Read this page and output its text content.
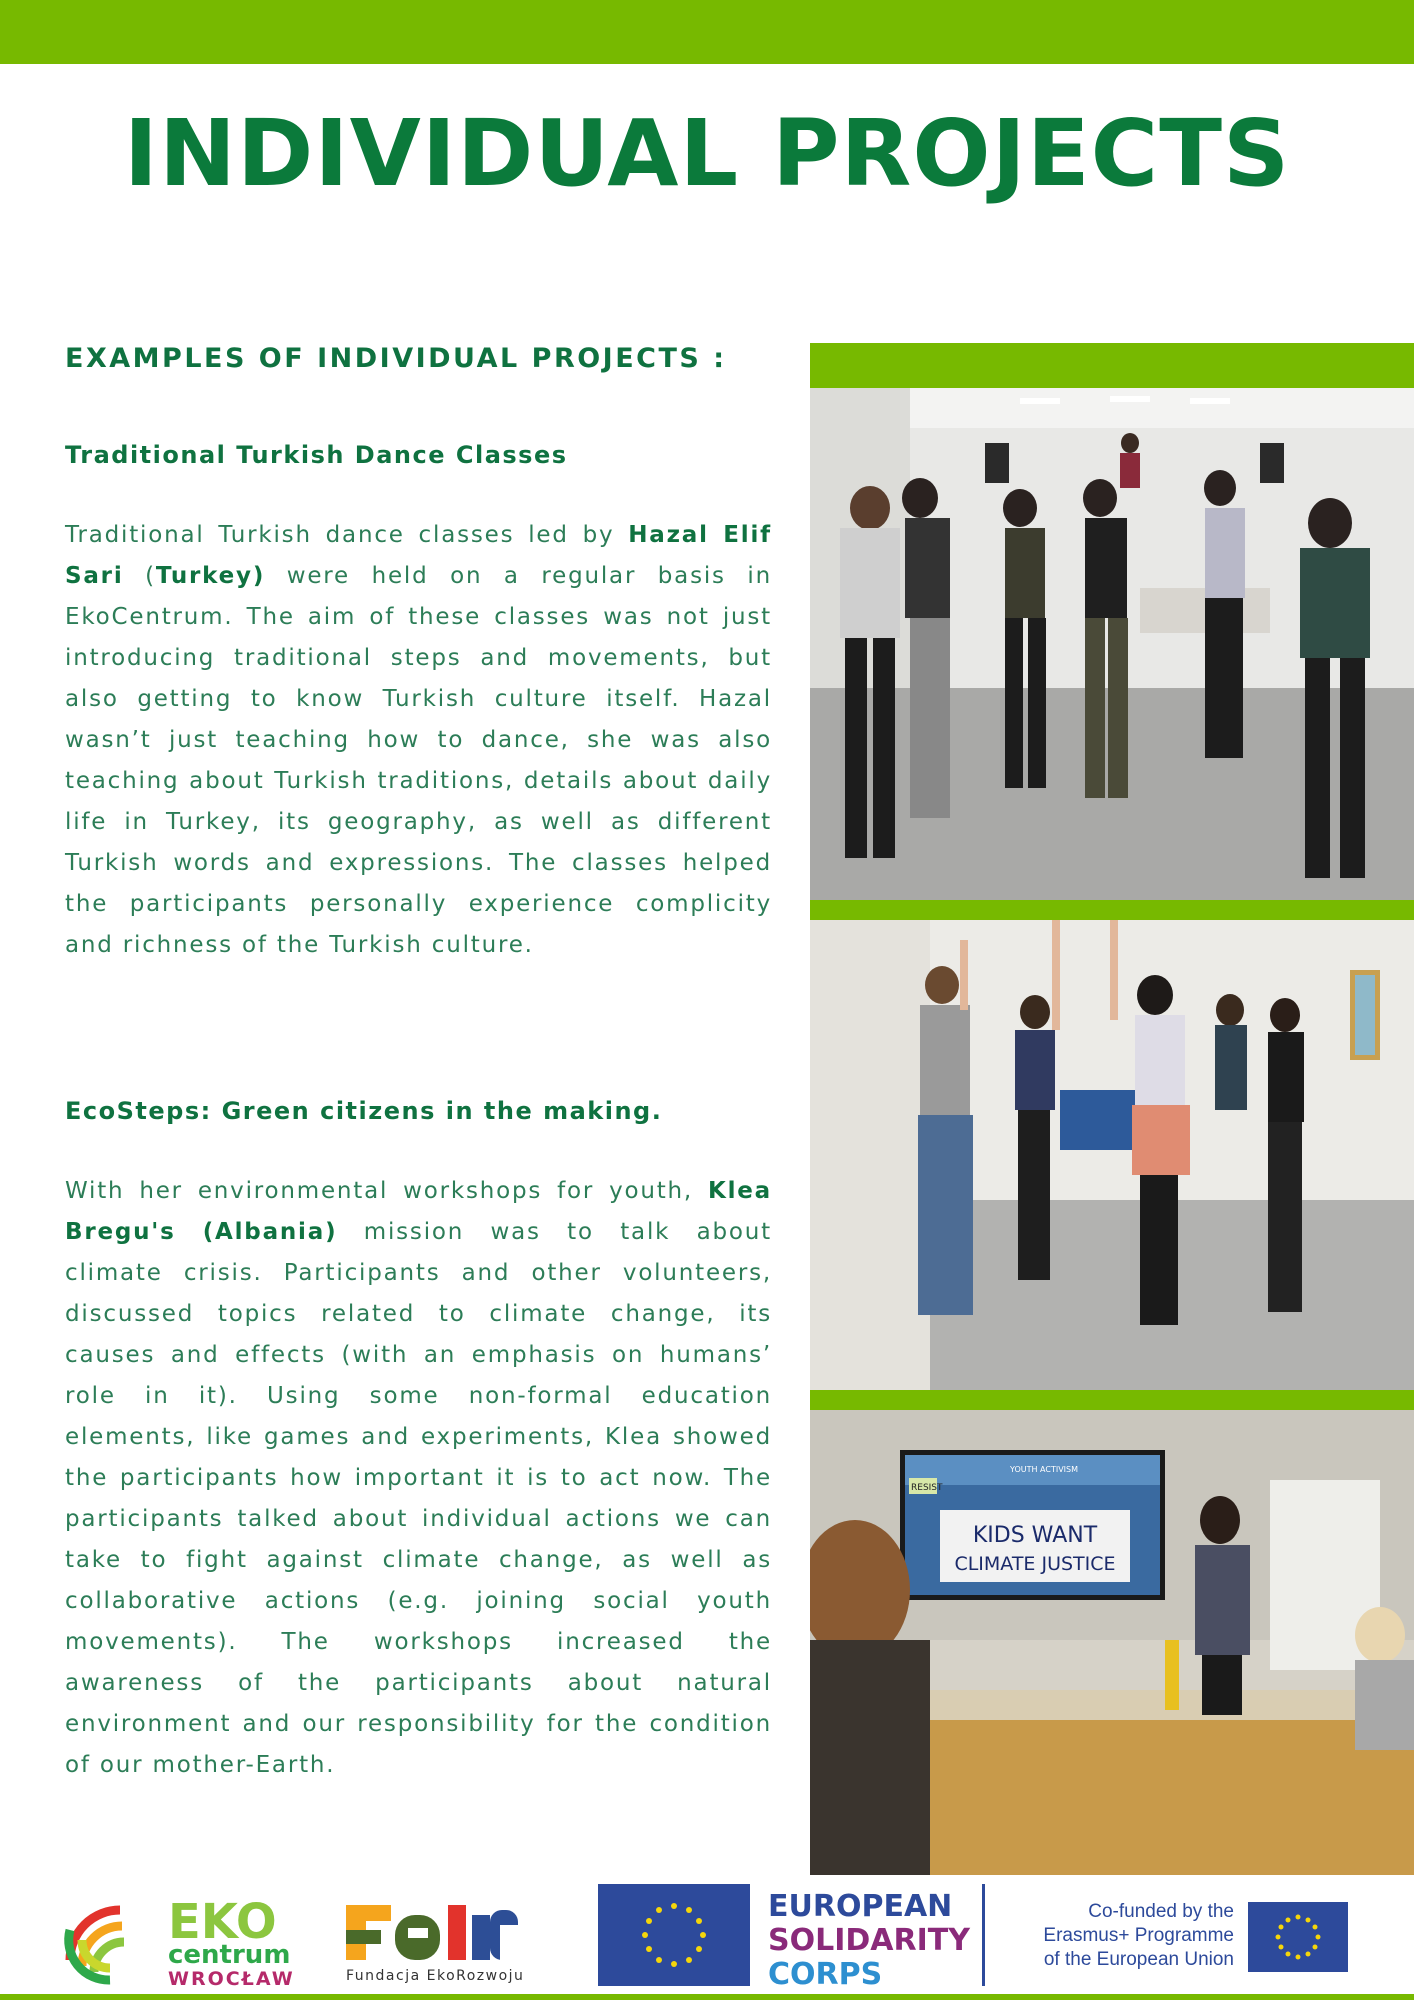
INDIVIDUAL PROJECTS
EXAMPLES OF INDIVIDUAL PROJECTS :
Traditional Turkish Dance Classes

Traditional Turkish dance classes led by Hazal Elif Sari (Turkey) were held on a regular basis in EkoCentrum. The aim of these classes was not just introducing traditional steps and movements, but also getting to know Turkish culture itself. Hazal wasn’t just teaching how to dance, she was also teaching about Turkish traditions, details about daily life in Turkey, its geography, as well as different Turkish words and expressions. The classes helped the participants personally experience complicity and richness of the Turkish culture.

EcoSteps: Green citizens in the making.

With her environmental workshops for youth, Klea Bregu's (Albania) mission was to talk about climate crisis. Participants and other volunteers, discussed topics related to climate change, its causes and effects (with an emphasis on humans’ role in it). Using some non-formal education elements, like games and experiments, Klea showed the participants how important it is to act now. The participants talked about individual actions we can take to fight against climate change, as well as collaborative actions (e.g. joining social youth movements). The workshops increased the awareness of the participants about natural environment and our responsibility for the condition of our mother-Earth.

YOUTH ACTIVISM
RESIST
KIDS WANT
CLIMATE JUSTICE
EKO
centrum
WROCŁAW	Fundacja EkoRozwoju
EUROPEAN
SOLIDARITY
CORPS
Co-funded by the
Erasmus+ Programme
of the European Union
